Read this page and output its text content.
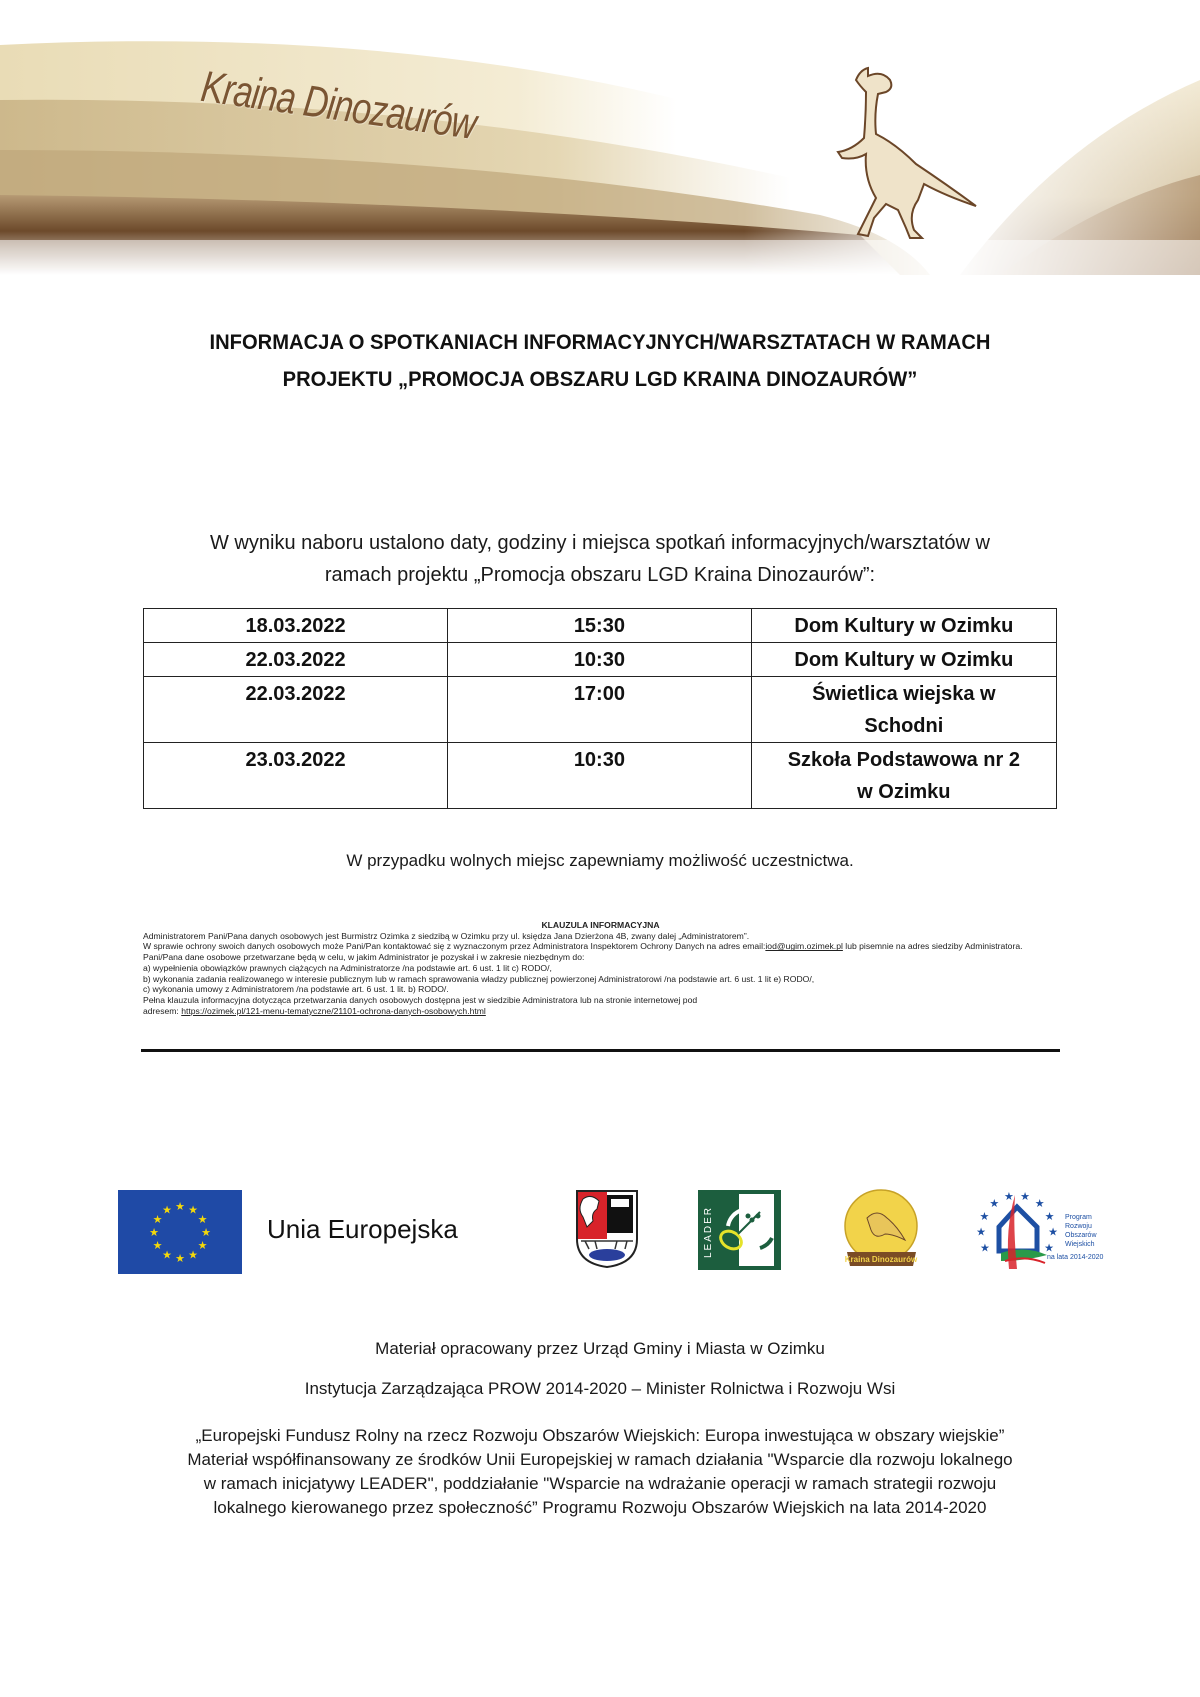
Kraina Dinozaurów
INFORMACJA O SPOTKANIACH INFORMACYJNYCH/WARSZTATACH W RAMACH
PROJEKTU „PROMOCJA OBSZARU LGD KRAINA DINOZAURÓW”
W wyniku naboru ustalono daty, godziny i miejsca spotkań informacyjnych/warsztatów w
ramach projektu „Promocja obszaru LGD Kraina Dinozaurów”:
18.03.2022	15:30	Dom Kultury w Ozimku

22.03.2022	10:30	Dom Kultury w Ozimku

22.03.2022	17:00	Świetlica wiejska w
Schodni

23.03.2022	10:30	Szkoła Podstawowa nr 2
w Ozimku
W przypadku wolnych miejsc zapewniamy możliwość uczestnictwa.
KLAUZULA INFORMACYJNA
Administratorem Pani/Pana danych osobowych jest Burmistrz Ozimka z siedzibą w Ozimku przy ul. księdza Jana Dzierżona 4B, zwany dalej „Administratorem”.
W sprawie ochrony swoich danych osobowych może Pani/Pan kontaktować się z wyznaczonym przez Administratora Inspektorem Ochrony Danych na adres email:iod@ugim.ozimek.pl lub pisemnie na adres siedziby Administratora.
Pani/Pana dane osobowe przetwarzane będą w celu, w jakim Administrator je pozyskał i w zakresie niezbędnym do:
a) wypełnienia obowiązków prawnych ciążących na Administratorze /na podstawie art. 6 ust. 1 lit c) RODO/,
b) wykonania zadania realizowanego w interesie publicznym lub w ramach sprawowania władzy publicznej powierzonej Administratorowi /na podstawie art. 6 ust. 1 lit e) RODO/,
c) wykonania umowy z Administratorem /na podstawie art. 6 ust. 1 lit. b) RODO/.
Pełna klauzula informacyjna dotycząca przetwarzania danych osobowych dostępna jest w siedzibie Administratora lub na stronie internetowej pod
adresem: https://ozimek.pl/121-menu-tematyczne/21101-ochrona-danych-osobowych.html
★ ★
★
★
★
★
★
★
★
★
★
★
Unia Europejska	LEADER
Kraina Dinozaurów
★
★
★
★
★ ★
★
★
★
★
Program
Rozwoju
Obszarów
Wiejskich
na lata 2014-2020
Materiał opracowany przez Urząd Gminy i Miasta w Ozimku
Instytucja Zarządzająca PROW 2014-2020 – Minister Rolnictwa i Rozwoju Wsi
„Europejski Fundusz Rolny na rzecz Rozwoju Obszarów Wiejskich: Europa inwestująca w obszary wiejskie”
Materiał współfinansowany ze środków Unii Europejskiej w ramach działania "Wsparcie dla rozwoju lokalnego
w ramach inicjatywy LEADER", poddziałanie "Wsparcie na wdrażanie operacji w ramach strategii rozwoju
lokalnego kierowanego przez społeczność” Programu Rozwoju Obszarów Wiejskich na lata 2014-2020
